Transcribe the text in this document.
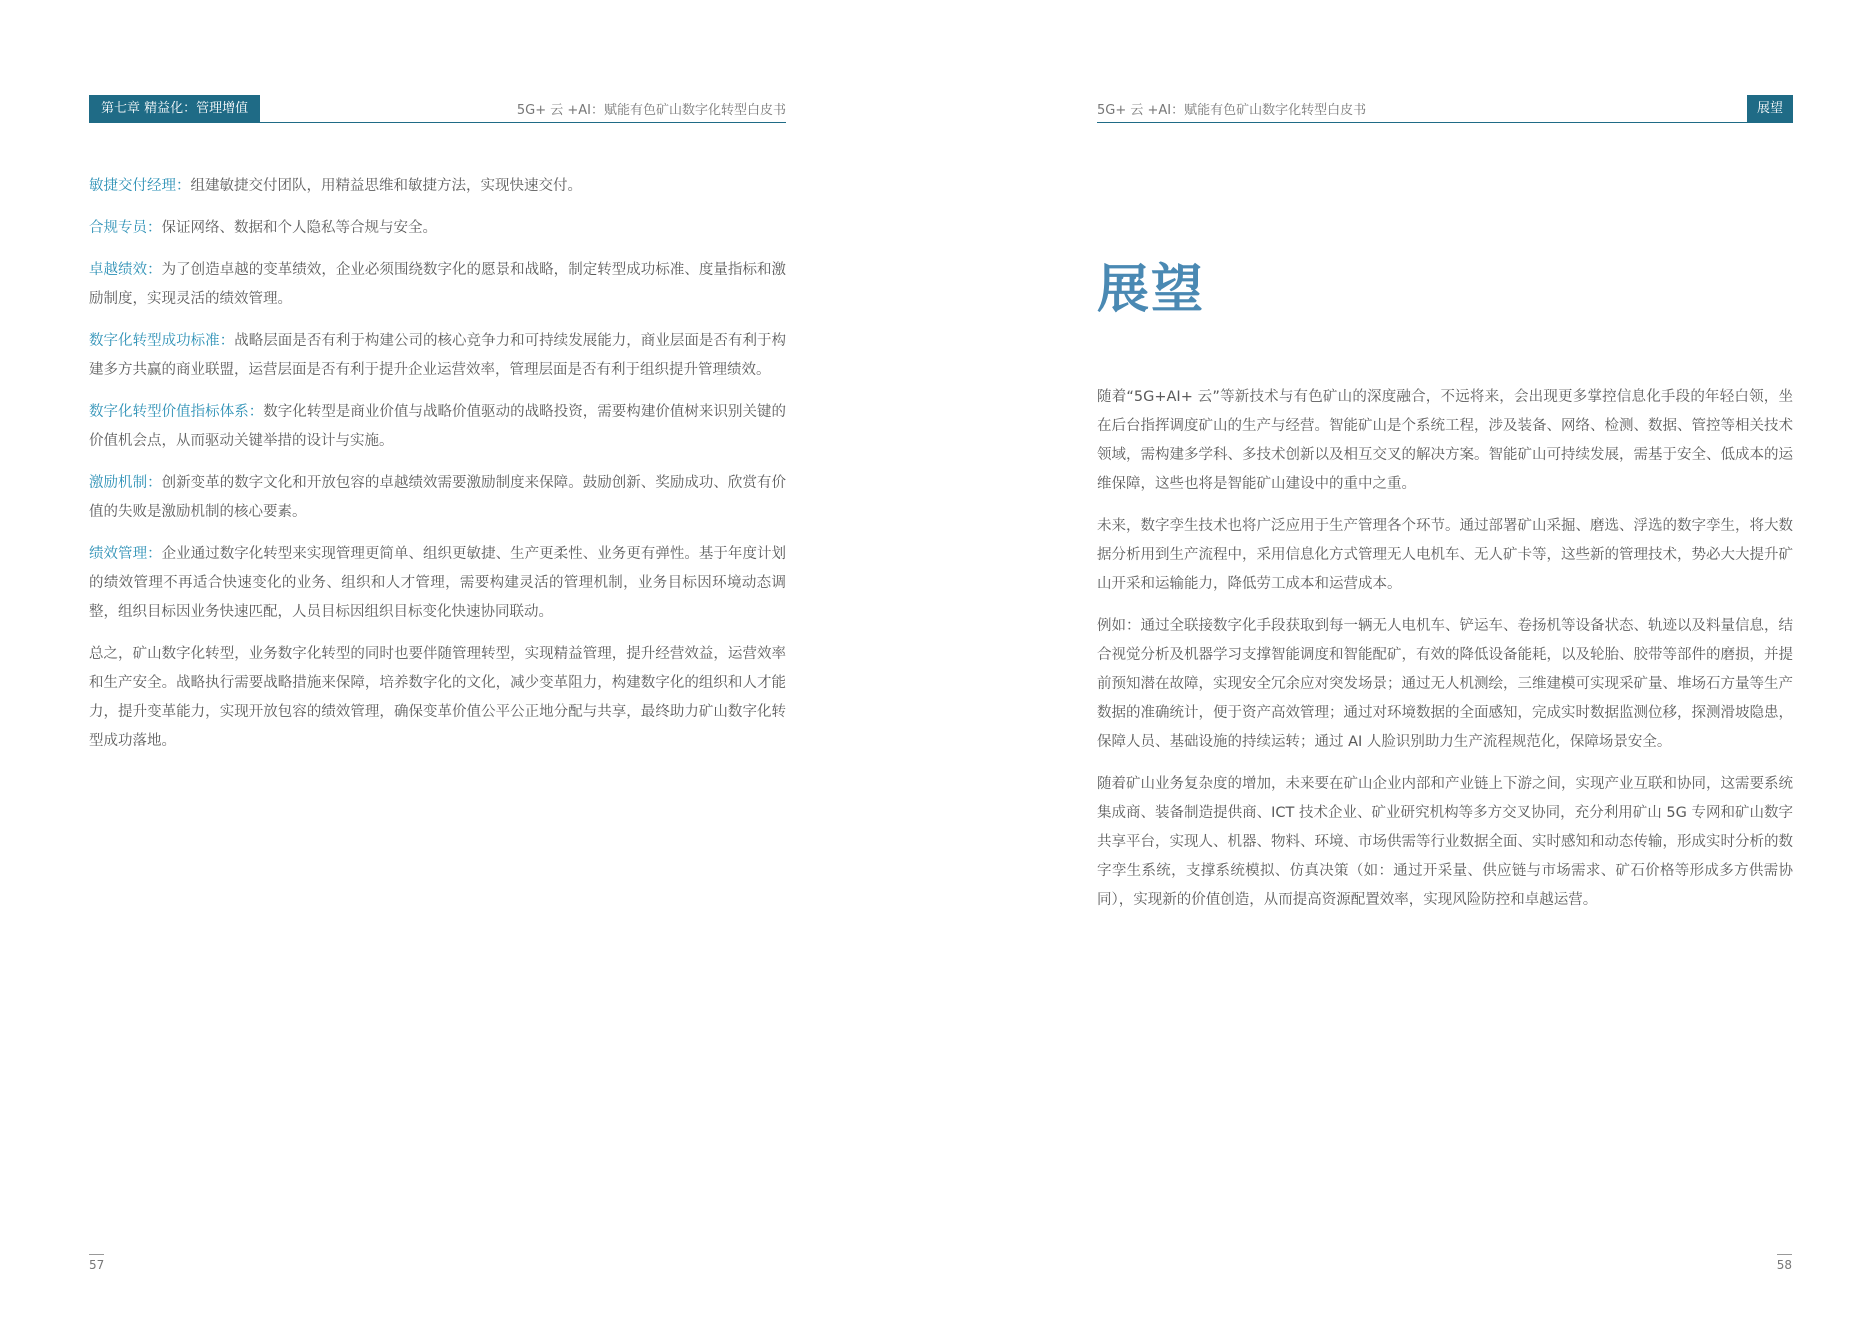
第七章 精益化：管理增值	5G+ 云 +AI：赋能有色矿山数字化转型白皮书

敏捷交付经理：组建敏捷交付团队，用精益思维和敏捷方法，实现快速交付。

合规专员：保证网络、数据和个人隐私等合规与安全。

卓越绩效：为了创造卓越的变革绩效，企业必须围绕数字化的愿景和战略，制定转型成功标准、度量指标和激励制度，实现灵活的绩效管理。

数字化转型成功标准：战略层面是否有利于构建公司的核心竞争力和可持续发展能力，商业层面是否有利于构建多方共赢的商业联盟，运营层面是否有利于提升企业运营效率，管理层面是否有利于组织提升管理绩效。

数字化转型价值指标体系：数字化转型是商业价值与战略价值驱动的战略投资，需要构建价值树来识别关键的价值机会点，从而驱动关键举措的设计与实施。

激励机制：创新变革的数字文化和开放包容的卓越绩效需要激励制度来保障。鼓励创新、奖励成功、欣赏有价值的失败是激励机制的核心要素。

绩效管理：企业通过数字化转型来实现管理更简单、组织更敏捷、生产更柔性、业务更有弹性。基于年度计划的绩效管理不再适合快速变化的业务、组织和人才管理，需要构建灵活的管理机制，业务目标因环境动态调整，组织目标因业务快速匹配，人员目标因组织目标变化快速协同联动。

总之，矿山数字化转型，业务数字化转型的同时也要伴随管理转型，实现精益管理，提升经营效益，运营效率和生产安全。战略执行需要战略措施来保障，培养数字化的文化，减少变革阻力，构建数字化的组织和人才能力，提升变革能力，实现开放包容的绩效管理，确保变革价值公平公正地分配与共享，最终助力矿山数字化转型成功落地。

57
5G+ 云 +AI：赋能有色矿山数字化转型白皮书	展望
展望

随着“5G+AI+ 云”等新技术与有色矿山的深度融合，不远将来，会出现更多掌控信息化手段的年轻白领，坐在后台指挥调度矿山的生产与经营。智能矿山是个系统工程，涉及装备、网络、检测、数据、管控等相关技术领域，需构建多学科、多技术创新以及相互交叉的解决方案。智能矿山可持续发展，需基于安全、低成本的运维保障，这些也将是智能矿山建设中的重中之重。

未来，数字孪生技术也将广泛应用于生产管理各个环节。通过部署矿山采掘、磨选、浮选的数字孪生，将大数据分析用到生产流程中，采用信息化方式管理无人电机车、无人矿卡等，这些新的管理技术，势必大大提升矿山开采和运输能力，降低劳工成本和运营成本。

例如：通过全联接数字化手段获取到每一辆无人电机车、铲运车、卷扬机等设备状态、轨迹以及料量信息，结合视觉分析及机器学习支撑智能调度和智能配矿，有效的降低设备能耗，以及轮胎、胶带等部件的磨损，并提前预知潜在故障，实现安全冗余应对突发场景；通过无人机测绘，三维建模可实现采矿量、堆场石方量等生产数据的准确统计，便于资产高效管理；通过对环境数据的全面感知，完成实时数据监测位移，探测滑坡隐患，保障人员、基础设施的持续运转；通过 AI 人脸识别助力生产流程规范化，保障场景安全。

随着矿山业务复杂度的增加，未来要在矿山企业内部和产业链上下游之间，实现产业互联和协同，这需要系统集成商、装备制造提供商、ICT 技术企业、矿业研究机构等多方交叉协同，充分利用矿山 5G 专网和矿山数字共享平台，实现人、机器、物料、环境、市场供需等行业数据全面、实时感知和动态传输，形成实时分析的数字孪生系统，支撑系统模拟、仿真决策（如：通过开采量、供应链与市场需求、矿石价格等形成多方供需协同），实现新的价值创造，从而提高资源配置效率，实现风险防控和卓越运营。

58
